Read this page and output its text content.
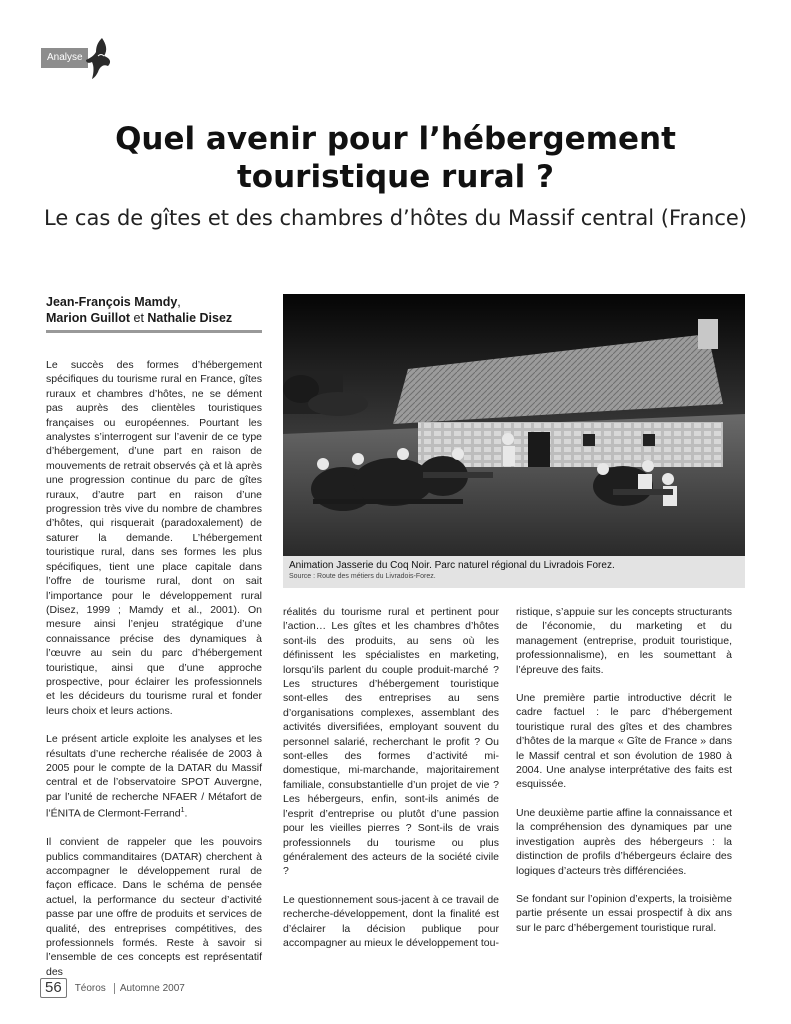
Analyse
Quel avenir pour l’hébergement touristique rural ?
Le cas de gîtes et des chambres d’hôtes du Massif central (France)
Jean-François Mamdy,
Marion Guillot et Nathalie Disez
Animation Jasserie du Coq Noir. Parc naturel régional du Livradois Forez.
Source : Route des métiers du Livradois-Forez.

Le succès des formes d’hébergement spécifiques du tourisme rural en France, gîtes ruraux et chambres d’hôtes, ne se dément pas auprès des clientèles touristiques françaises ou européennes. Pourtant les analystes s’interrogent sur l’avenir de ce type d’hébergement, d’une part en raison de mouvements de retrait observés çà et là après une progression continue du parc de gîtes ruraux, d’autre part en raison d’une progression très vive du nombre de chambres d’hôtes, qui risquerait (paradoxalement) de saturer la demande. L’hébergement touristique rural, dans ses formes les plus spécifiques, tient une place capitale dans l’offre de tourisme rural, dont on sait l’importance pour le développement rural (Disez, 1999 ; Mamdy et al., 2001). On mesure ainsi l’enjeu stratégique d’une connaissance précise des dynamiques à l’œuvre au sein du parc d’hébergement touristique, ainsi que d’une approche prospective, pour éclairer les professionnels et les décideurs du tourisme rural et fonder leurs choix et leurs actions.

Le présent article exploite les analyses et les résultats d’une recherche réalisée de 2003 à 2005 pour le compte de la DATAR du Massif central et de l’observatoire SPOT Auvergne, par l’unité de recherche NFAER / Métafort de l’ÉNITA de Clermont-Ferrand$^1$.

Il convient de rappeler que les pouvoirs publics commanditaires (DATAR) cherchent à accompagner le développement rural de façon efficace. Dans le schéma de pensée actuel, la performance du secteur d’activité passe par une offre de produits et services de qualité, des entreprises compétitives, des professionnels formés. Reste à savoir si l’ensemble de ces concepts est représentatif des

réalités du tourisme rural et pertinent pour l’action… Les gîtes et les chambres d’hôtes sont-ils des produits, au sens où les définissent les spécialistes en marketing, lorsqu’ils parlent du couple produit-marché ? Les structures d’hébergement touristique sont-elles des entreprises au sens d’organisations complexes, assemblant des activités diversifiées, employant souvent du personnel salarié, recherchant le profit ? Ou sont-elles des formes d’activité mi-domestique, mi-marchande, majoritairement familiale, consubstantielle d’un projet de vie ? Les hébergeurs, enfin, sont-ils animés de l’esprit d’entreprise ou plutôt d’une passion pour les vieilles pierres ? Sont-ils de vrais professionnels du tourisme ou plus généralement des acteurs de la société civile ?

Le questionnement sous-jacent à ce travail de recherche-développement, dont la finalité est d’éclairer la décision publique pour accompagner au mieux le développement tou-

ristique, s’appuie sur les concepts structurants de l’économie, du marketing et du management (entreprise, produit touristique, professionnalisme), en les soumettant à l’épreuve des faits.

Une première partie introductive décrit le cadre factuel : le parc d’hébergement touristique rural des gîtes et des chambres d’hôtes de la marque « Gîte de France » dans le Massif central et son évolution de 1980 à 2004. Une analyse interprétative des faits est esquissée.

Une deuxième partie affine la connaissance et la compréhension des dynamiques par une investigation auprès des hébergeurs : la distinction de profils d’hébergeurs éclaire des logiques d’acteurs très différenciées.

Se fondant sur l’opinion d’experts, la troisième partie présente un essai prospectif à dix ans sur le parc d’hébergement touristique rural.

56	Téoros	Automne 2007
